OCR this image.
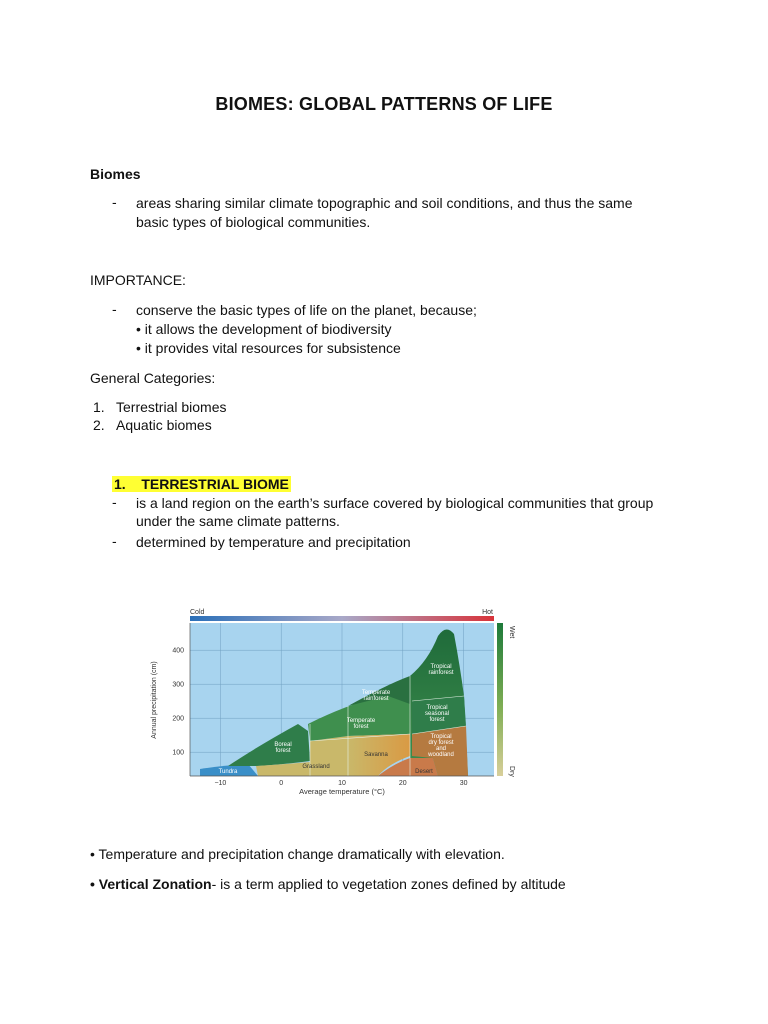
BIOMES: GLOBAL PATTERNS OF LIFE
Biomes
- areas sharing similar climate topographic and soil conditions, and thus the same
basic types of biological communities.
IMPORTANCE:
- conserve the basic types of life on the planet, because;
• it allows the development of biodiversity
• it provides vital resources for subsistence
General Categories:
1. Terrestrial biomes
2. Aquatic biomes
1.   TERRESTRIAL BIOME
- is a land region on the earth’s surface covered by biological communities that group
under the same climate patterns.
- determined by temperature and precipitation
Cold	Hot
Tundra
Boreal
forest
Grassland
Temperate
forest
Temperate
rainforest
Savanna
Desert
Tropical
rainforest
Tropical
seasonal
forest
Tropical
dry forest
and
woodland
Wet
Dry
−10	0	10	20	30
100
200
300
400
Average temperature (°C)
Annual precipitation (cm)
• Temperature and precipitation change dramatically with elevation.
• Vertical Zonation- is a term applied to vegetation zones defined by altitude
